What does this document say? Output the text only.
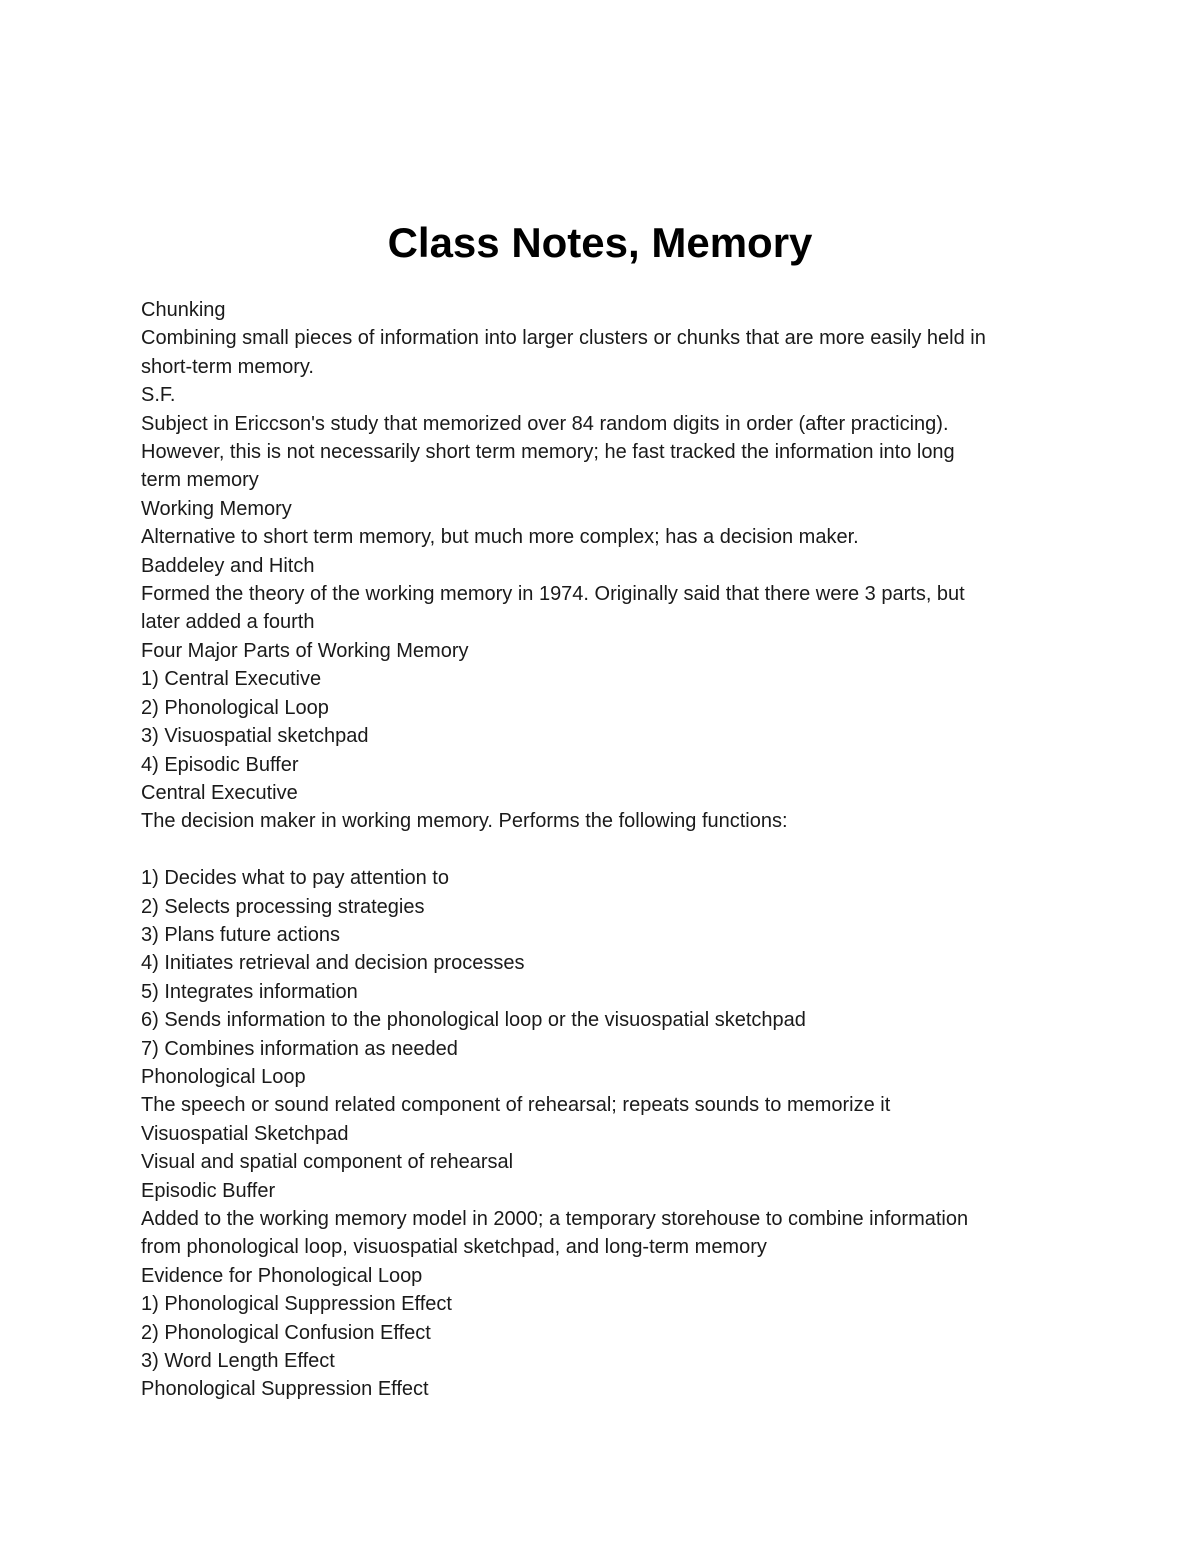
Class Notes, Memory

Chunking

Combining small pieces of information into larger clusters or chunks that are more easily held in

short-term memory.

S.F.

Subject in Ericcson's study that memorized over 84 random digits in order (after practicing).

However, this is not necessarily short term memory; he fast tracked the information into long

term memory

Working Memory

Alternative to short term memory, but much more complex; has a decision maker.

Baddeley and Hitch

Formed the theory of the working memory in 1974. Originally said that there were 3 parts, but

later added a fourth

Four Major Parts of Working Memory

1) Central Executive

2) Phonological Loop

3) Visuospatial sketchpad

4) Episodic Buffer

Central Executive

The decision maker in working memory. Performs the following functions:

1) Decides what to pay attention to

2) Selects processing strategies

3) Plans future actions

4) Initiates retrieval and decision processes

5) Integrates information

6) Sends information to the phonological loop or the visuospatial sketchpad

7) Combines information as needed

Phonological Loop

The speech or sound related component of rehearsal; repeats sounds to memorize it

Visuospatial Sketchpad

Visual and spatial component of rehearsal

Episodic Buffer

Added to the working memory model in 2000; a temporary storehouse to combine information

from phonological loop, visuospatial sketchpad, and long-term memory

Evidence for Phonological Loop

1) Phonological Suppression Effect

2) Phonological Confusion Effect

3) Word Length Effect

Phonological Suppression Effect
